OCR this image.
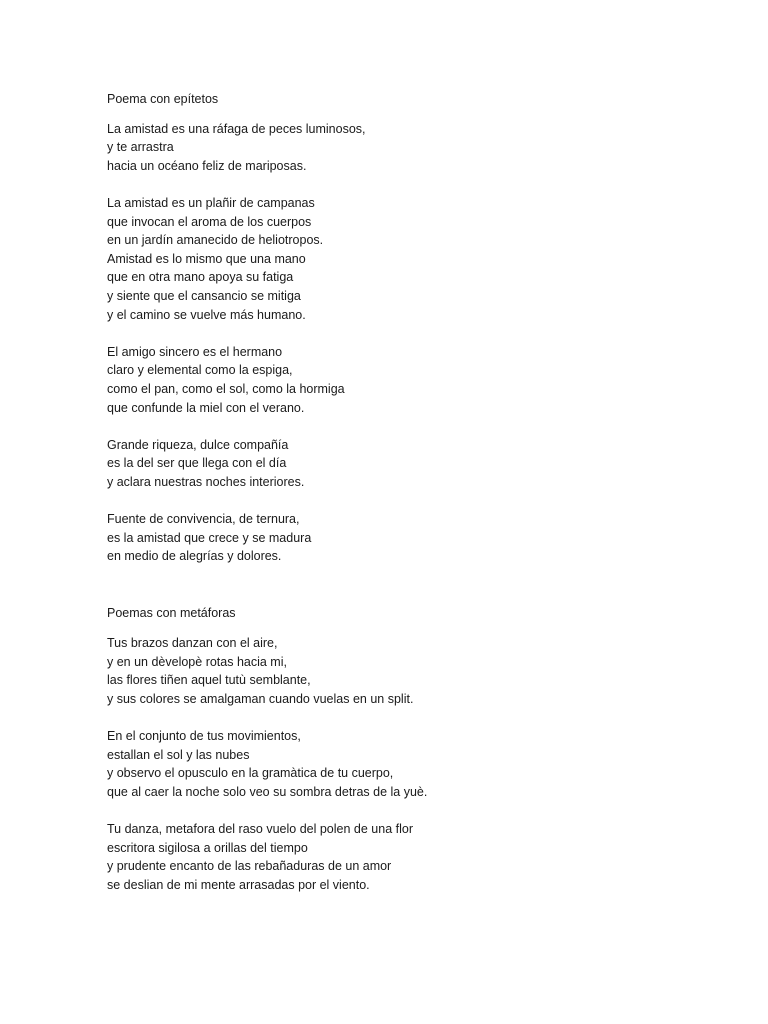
Poema con epítetos
La amistad es una ráfaga de peces luminosos,
y te arrastra
hacia un océano feliz de mariposas.
La amistad es un plañir de campanas
que invocan el aroma de los cuerpos
en un jardín amanecido de heliotropos.
Amistad es lo mismo que una mano
que en otra mano apoya su fatiga
y siente que el cansancio se mitiga
y el camino se vuelve más humano.
El amigo sincero es el hermano
claro y elemental como la espiga,
como el pan, como el sol, como la hormiga
que confunde la miel con el verano.
Grande riqueza, dulce compañía
es la del ser que llega con el día
y aclara nuestras noches interiores.
Fuente de convivencia, de ternura,
es la amistad que crece y se madura
en medio de alegrías y dolores.
Poemas con metáforas
Tus brazos danzan con el aire,
y en un dèvelopè rotas hacia mi,
las flores tiñen aquel tutù semblante,
y sus colores se amalgaman cuando vuelas en un split.
En el conjunto de tus movimientos,
estallan el sol y las nubes
y observo el opusculo en la gramàtica de tu cuerpo,
que al caer la noche solo veo su sombra detras de la yuè.
Tu danza, metafora del raso vuelo del polen de una flor
escritora sigilosa a orillas del tiempo
y prudente encanto de las rebañaduras de un amor
se deslian de mi mente arrasadas por el viento.
